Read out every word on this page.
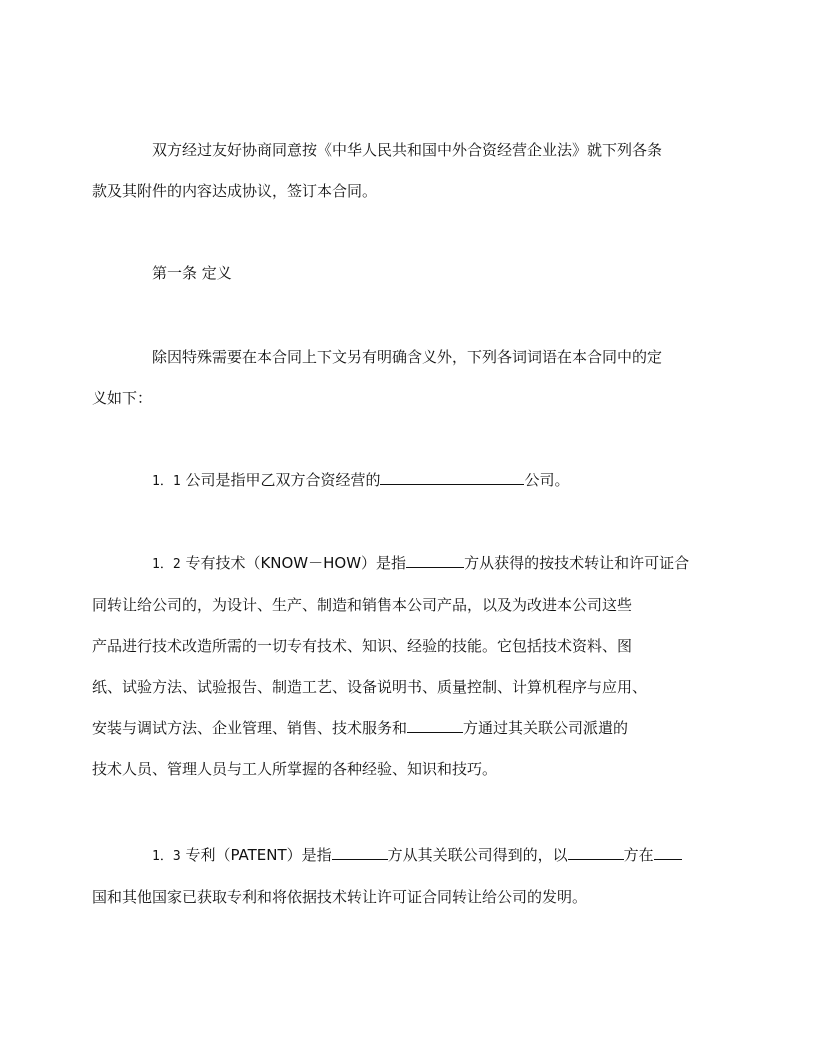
双方经过友好协商同意按《中华人民共和国中外合资经营企业法》就下列各条
款及其附件的内容达成协议，签订本合同。

第一条 定义

除因特殊需要在本合同上下文另有明确含义外，下列各词词语在本合同中的定
义如下：

1．1 公司是指甲乙双方合资经营的	公司。

1．2 专有技术（KNOW－HOW）是指	方从获得的按技术转让和许可证合
同转让给公司的，为设计、生产、制造和销售本公司产品，以及为改进本公司这些
产品进行技术改造所需的一切专有技术、知识、经验的技能。它包括技术资料、图
纸、试验方法、试验报告、制造工艺、设备说明书、质量控制、计算机程序与应用、
安装与调试方法、企业管理、销售、技术服务和	方通过其关联公司派遣的
技术人员、管理人员与工人所掌握的各种经验、知识和技巧。

1．3 专利（PATENT）是指	方从其关联公司得到的，以	方在
国和其他国家已获取专利和将依据技术转让许可证合同转让给公司的发明。
